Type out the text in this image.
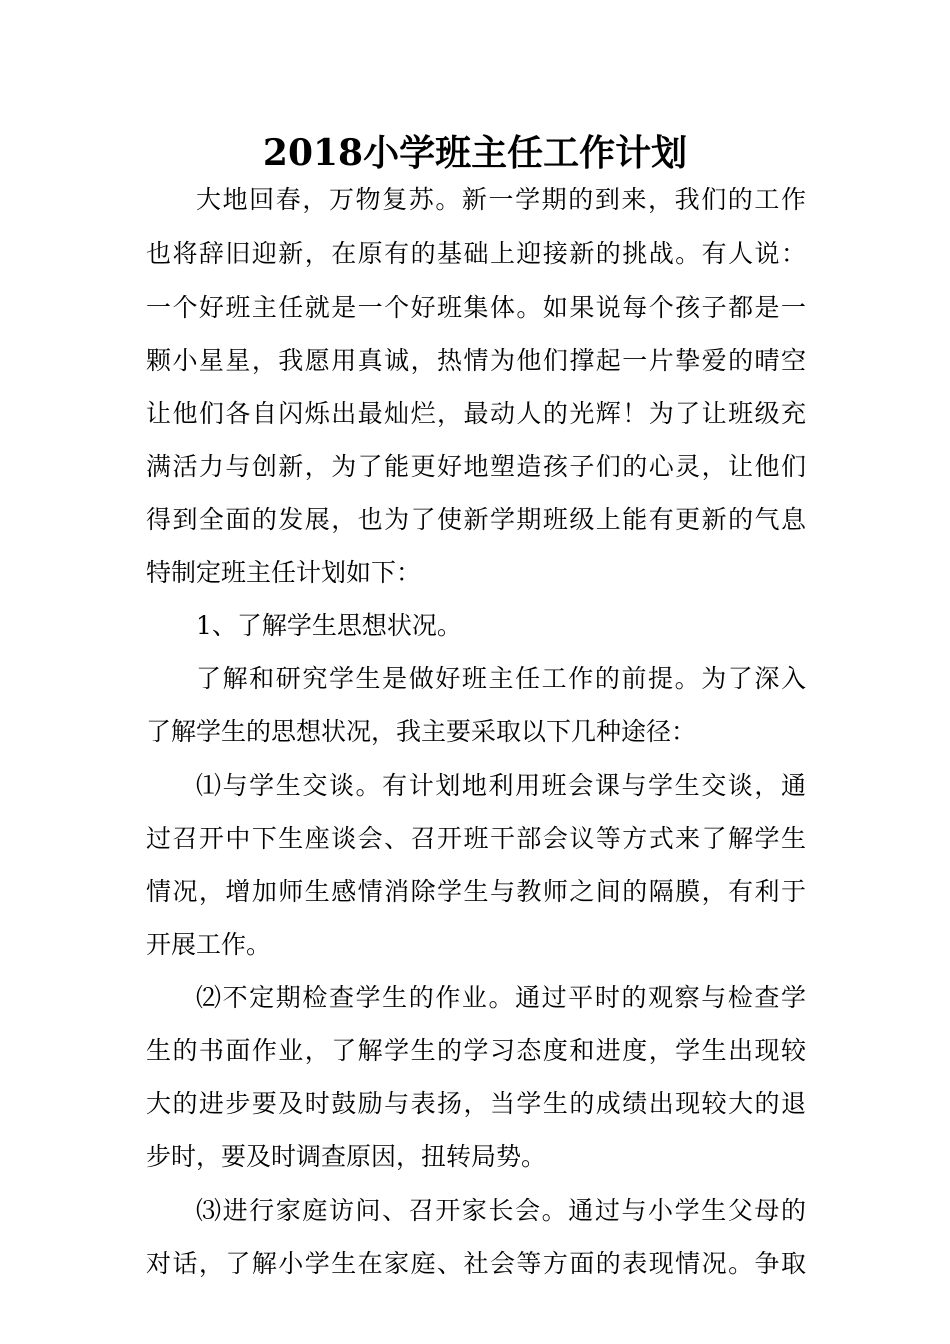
2018小学班主任工作计划
大地回春，万物复苏。新一学期的到来，我们的工作
也将辞旧迎新，在原有的基础上迎接新的挑战。有人说：
一个好班主任就是一个好班集体。如果说每个孩子都是一
颗小星星，我愿用真诚，热情为他们撑起一片挚爱的晴空
让他们各自闪烁出最灿烂，最动人的光辉！为了让班级充
满活力与创新，为了能更好地塑造孩子们的心灵，让他们
得到全面的发展，也为了使新学期班级上能有更新的气息
特制定班主任计划如下：
1、了解学生思想状况。
了解和研究学生是做好班主任工作的前提。为了深入
了解学生的思想状况，我主要采取以下几种途径：
⑴与学生交谈。有计划地利用班会课与学生交谈，通
过召开中下生座谈会、召开班干部会议等方式来了解学生
情况，增加师生感情消除学生与教师之间的隔膜，有利于
开展工作。
⑵不定期检查学生的作业。通过平时的观察与检查学
生的书面作业，了解学生的学习态度和进度，学生出现较
大的进步要及时鼓励与表扬，当学生的成绩出现较大的退
步时，要及时调查原因，扭转局势。
⑶进行家庭访问、召开家长会。通过与小学生父母的
对话，了解小学生在家庭、社会等方面的表现情况。争取
